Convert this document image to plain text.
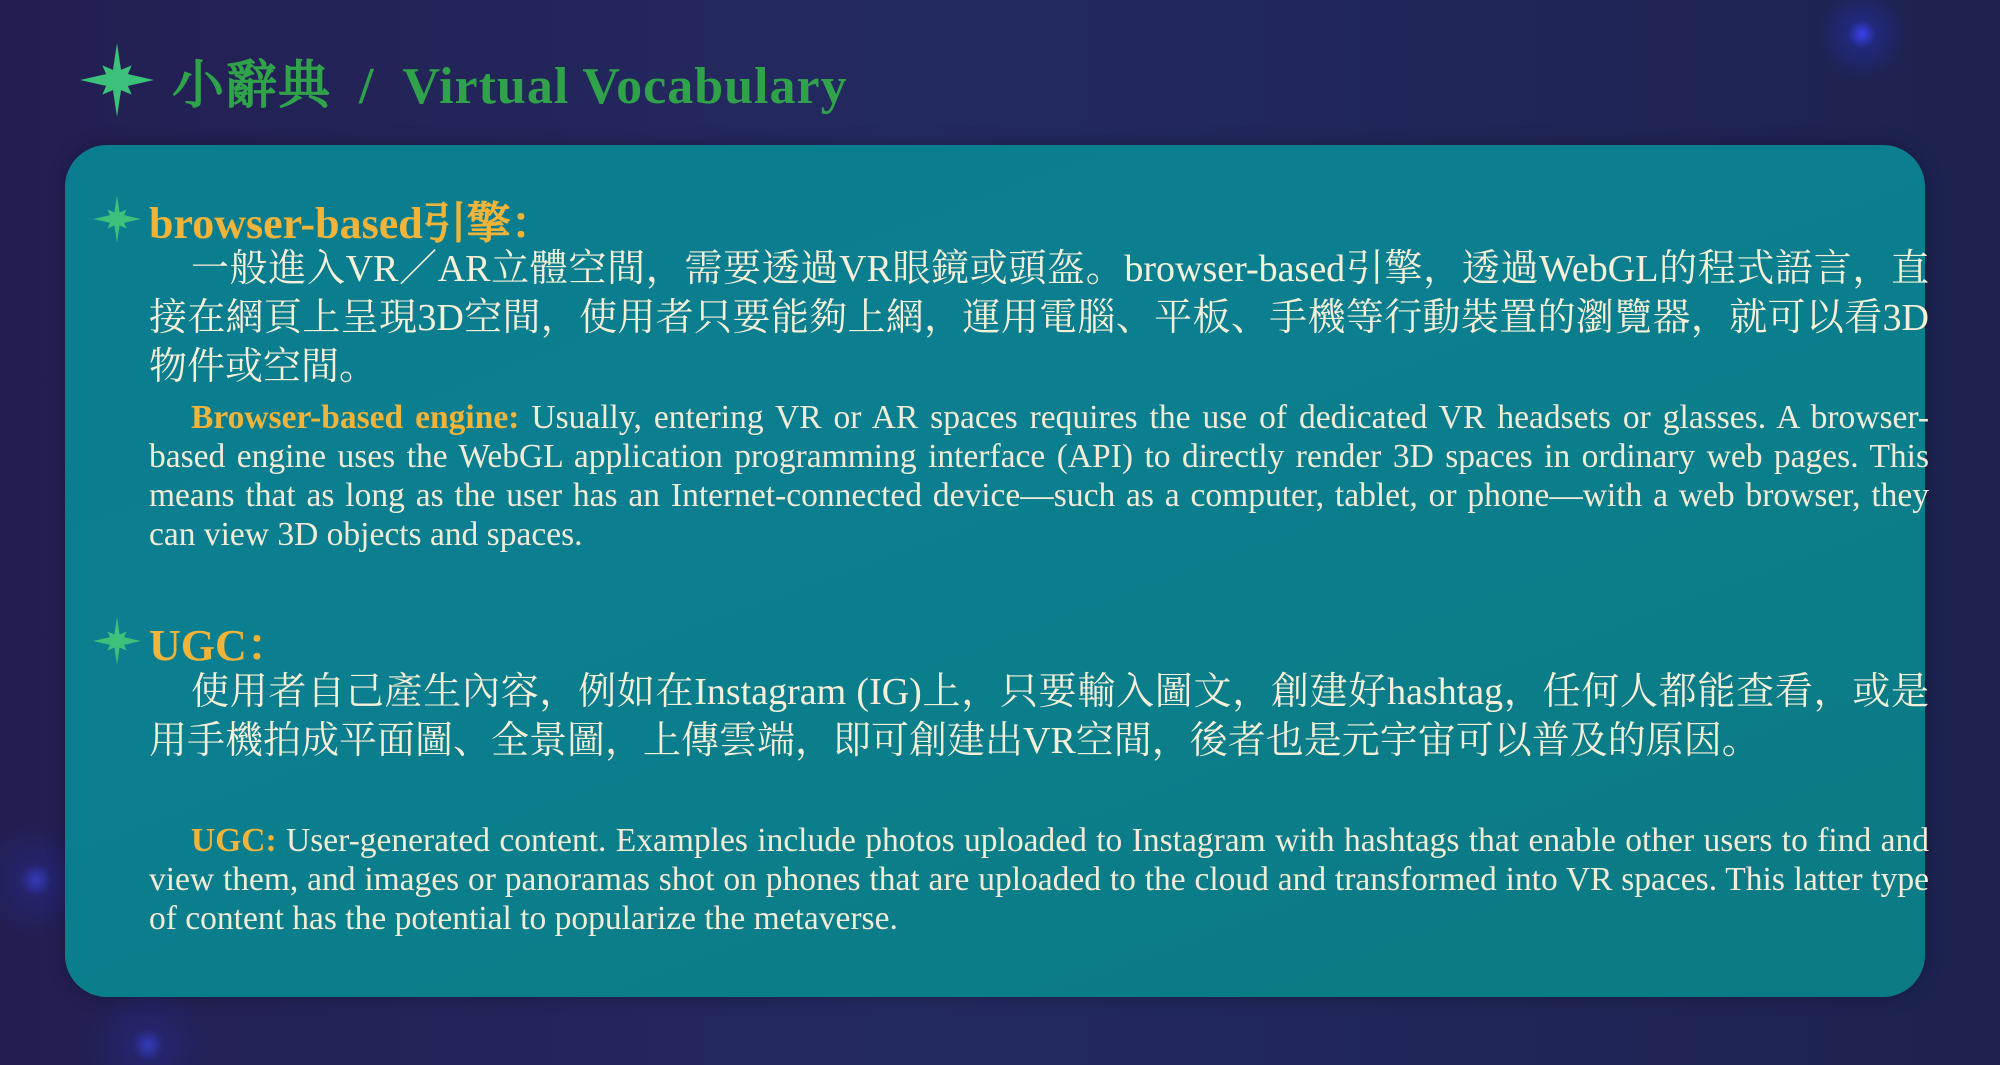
小辭典  /  Virtual Vocabulary
browser-based引擎：

一般進入VR／AR立體空間，需要透過VR眼鏡或頭盔。browser-based引擎，透過WebGL的程式語言，直接在網頁上呈現3D空間，使用者只要能夠上網，運用電腦、平板、手機等行動裝置的瀏覽器，就可以看3D物件或空間。

Browser-based engine: Usually, entering VR or AR spaces requires the use of dedicated VR headsets or glasses. A browser-based engine uses the WebGL application programming interface (API) to directly render 3D spaces in ordinary web pages. This means that as long as the user has an Internet-connected device—such as a computer, tablet, or phone—with a web browser, they can view 3D objects and spaces.

UGC：

使用者自己產生內容，例如在Instagram (IG)上，只要輸入圖文，創建好hashtag，任何人都能查看，或是用手機拍成平面圖、全景圖，上傳雲端，即可創建出VR空間，後者也是元宇宙可以普及的原因。

UGC: User-generated content. Examples include photos uploaded to Instagram with hashtags that enable other users to find and view them, and images or panoramas shot on phones that are uploaded to the cloud and transformed into VR spaces. This latter type of content has the potential to popularize the metaverse.
